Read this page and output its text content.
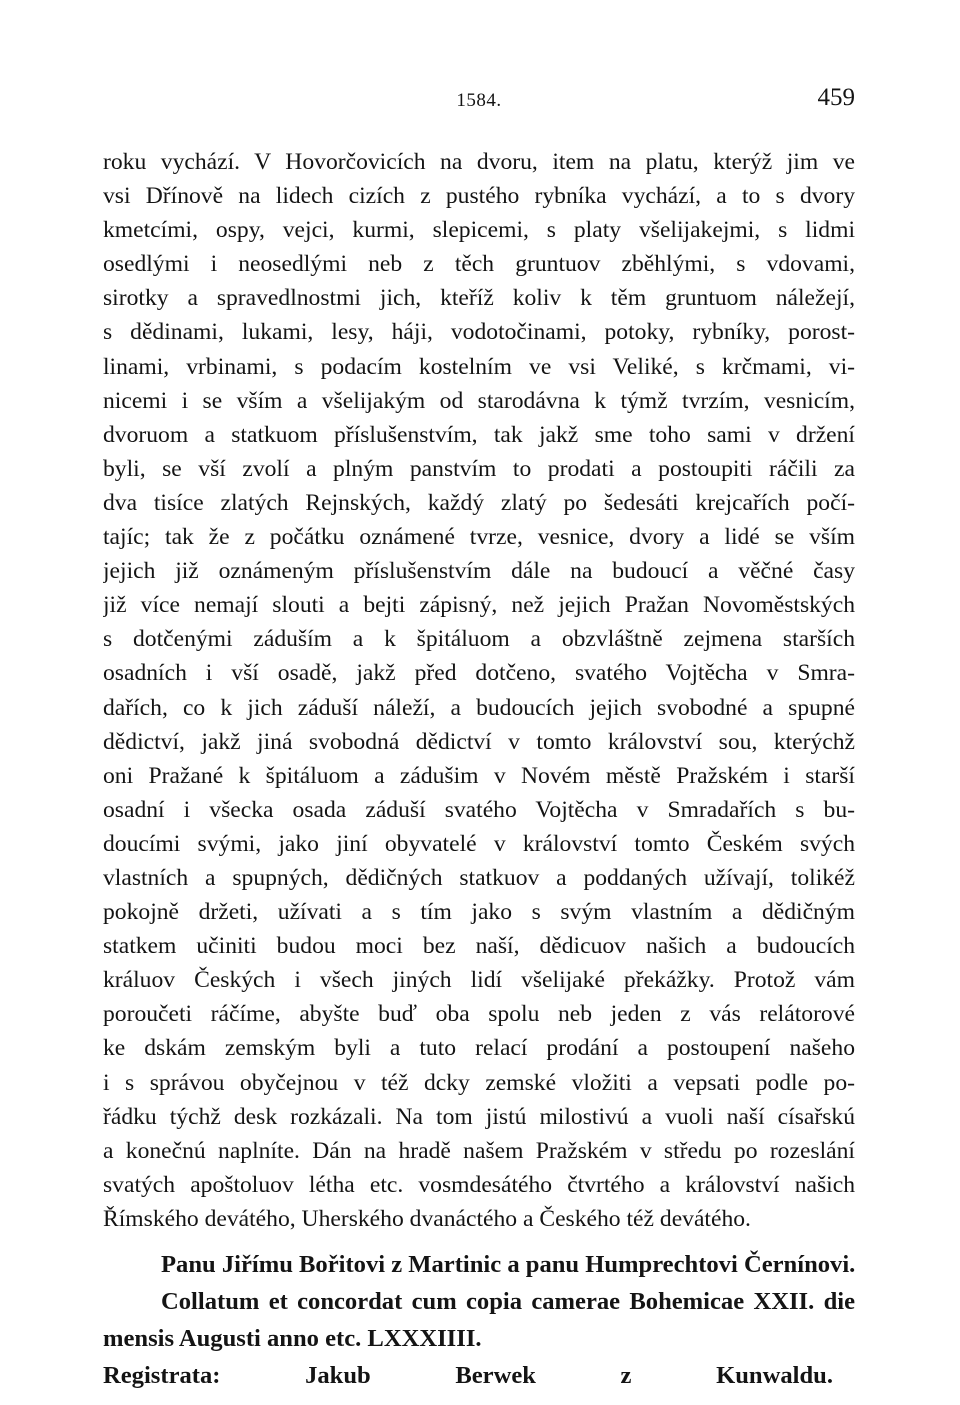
1584.	459
roku vychází. V Hovorčovicích na dvoru, item na platu, kterýž jim ve
vsi Dřínově na lidech cizích z pustého rybníka vychází, a to s dvory
kmetcími, ospy, vejci, kurmi, slepicemi, s platy všelijakejmi, s lidmi
osedlými i neosedlými neb z těch gruntuov zběhlými, s vdovami,
sirotky a spravedlnostmi jich, kteříž koliv k těm gruntuom náležejí,
s dědinami, lukami, lesy, háji, vodotočinami, potoky, rybníky, porost-
linami, vrbinami, s podacím kostelním ve vsi Veliké, s krčmami, vi-
nicemi i se vším a všelijakým od starodávna k týmž tvrzím, vesnicím,
dvoruom a statkuom příslušenstvím, tak jakž sme toho sami v držení
byli, se vší zvolí a plným panstvím to prodati a postoupiti ráčili za
dva tisíce zlatých Rejnských, každý zlatý po šedesáti krejcařích počí-
tajíc; tak že z počátku oznámené tvrze, vesnice, dvory a lidé se vším
jejich již oznámeným příslušenstvím dále na budoucí a věčné časy
již více nemají slouti a bejti zápisný, než jejich Pražan Novoměstských
s dotčenými záduším a k špitáluom a obzvláštně zejmena starších
osadních i vší osadě, jakž před dotčeno, svatého Vojtěcha v Smra-
dařích, co k jich záduší náleží, a budoucích jejich svobodné a spupné
dědictví, jakž jiná svobodná dědictví v tomto království sou, kterýchž
oni Pražané k špitáluom a zádušim v Novém městě Pražském i starší
osadní i všecka osada záduší svatého Vojtěcha v Smradařích s bu-
doucími svými, jako jiní obyvatelé v království tomto Českém svých
vlastních a spupných, dědičných statkuov a poddaných užívají, tolikéž
pokojně držeti, užívati a s tím jako s svým vlastním a dědičným
statkem učiniti budou moci bez naší, dědicuov našich a budoucích
králuov Českých i všech jiných lidí všelijaké překážky. Protož vám
poroučeti ráčíme, abyšte buď oba spolu neb jeden z vás relátorové
ke dskám zemským byli a tuto relací prodání a postoupení našeho
i s správou obyčejnou v též dcky zemské vložiti a vepsati podle po-
řádku týchž desk rozkázali. Na tom jistú milostivú a vuoli naší císařskú
a konečnú naplníte. Dán na hradě našem Pražském v středu po rozeslání
svatých apoštoluov létha etc. vosmdesátého čtvrtého a království našich
Římského devátého, Uherského dvanáctého a Českého též devátého.
Panu Jiřímu Bořitovi z Martinic a panu Humprechtovi Černínovi.
Collatum et concordat cum copia camerae Bohemicae XXII. die
mensis Augusti anno etc. LXXXIIII.
Registrata: Jakub Berwek z Kunwaldu.
